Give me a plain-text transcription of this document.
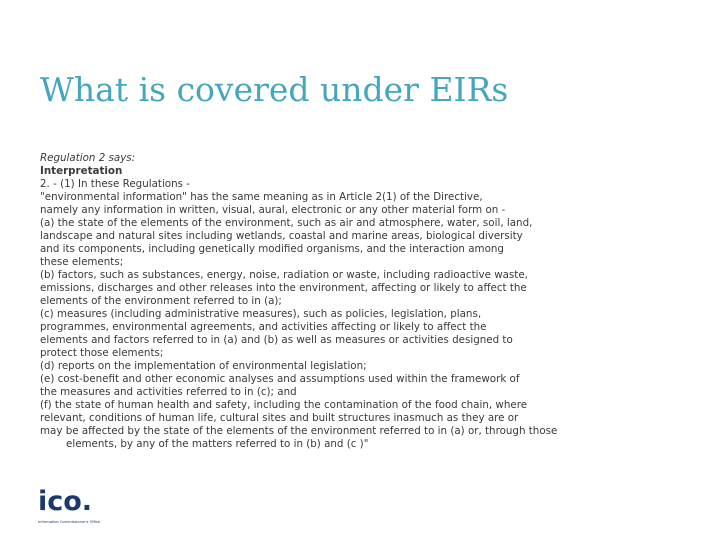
What is covered under EIRs
Regulation 2 says:
Interpretation
2. - (1) In these Regulations -
"environmental information" has the same meaning as in Article 2(1) of the Directive,
namely any information in written, visual, aural, electronic or any other material form on -
(a) the state of the elements of the environment, such as air and atmosphere, water, soil, land,
landscape and natural sites including wetlands, coastal and marine areas, biological diversity
and its components, including genetically modified organisms, and the interaction among
these elements;
(b) factors, such as substances, energy, noise, radiation or waste, including radioactive waste,
emissions, discharges and other releases into the environment, affecting or likely to affect the
elements of the environment referred to in (a);
(c) measures (including administrative measures), such as policies, legislation, plans,
programmes, environmental agreements, and activities affecting or likely to affect the
elements and factors referred to in (a) and (b) as well as measures or activities designed to
protect those elements;
(d) reports on the implementation of environmental legislation;
(e) cost-benefit and other economic analyses and assumptions used within the framework of
the measures and activities referred to in (c); and
(f) the state of human health and safety, including the contamination of the food chain, where
relevant, conditions of human life, cultural sites and built structures inasmuch as they are or
may be affected by the state of the elements of the environment referred to in (a) or, through those
elements, by any of the matters referred to in (b) and (c )"
ico.
Information Commissioner's Office
